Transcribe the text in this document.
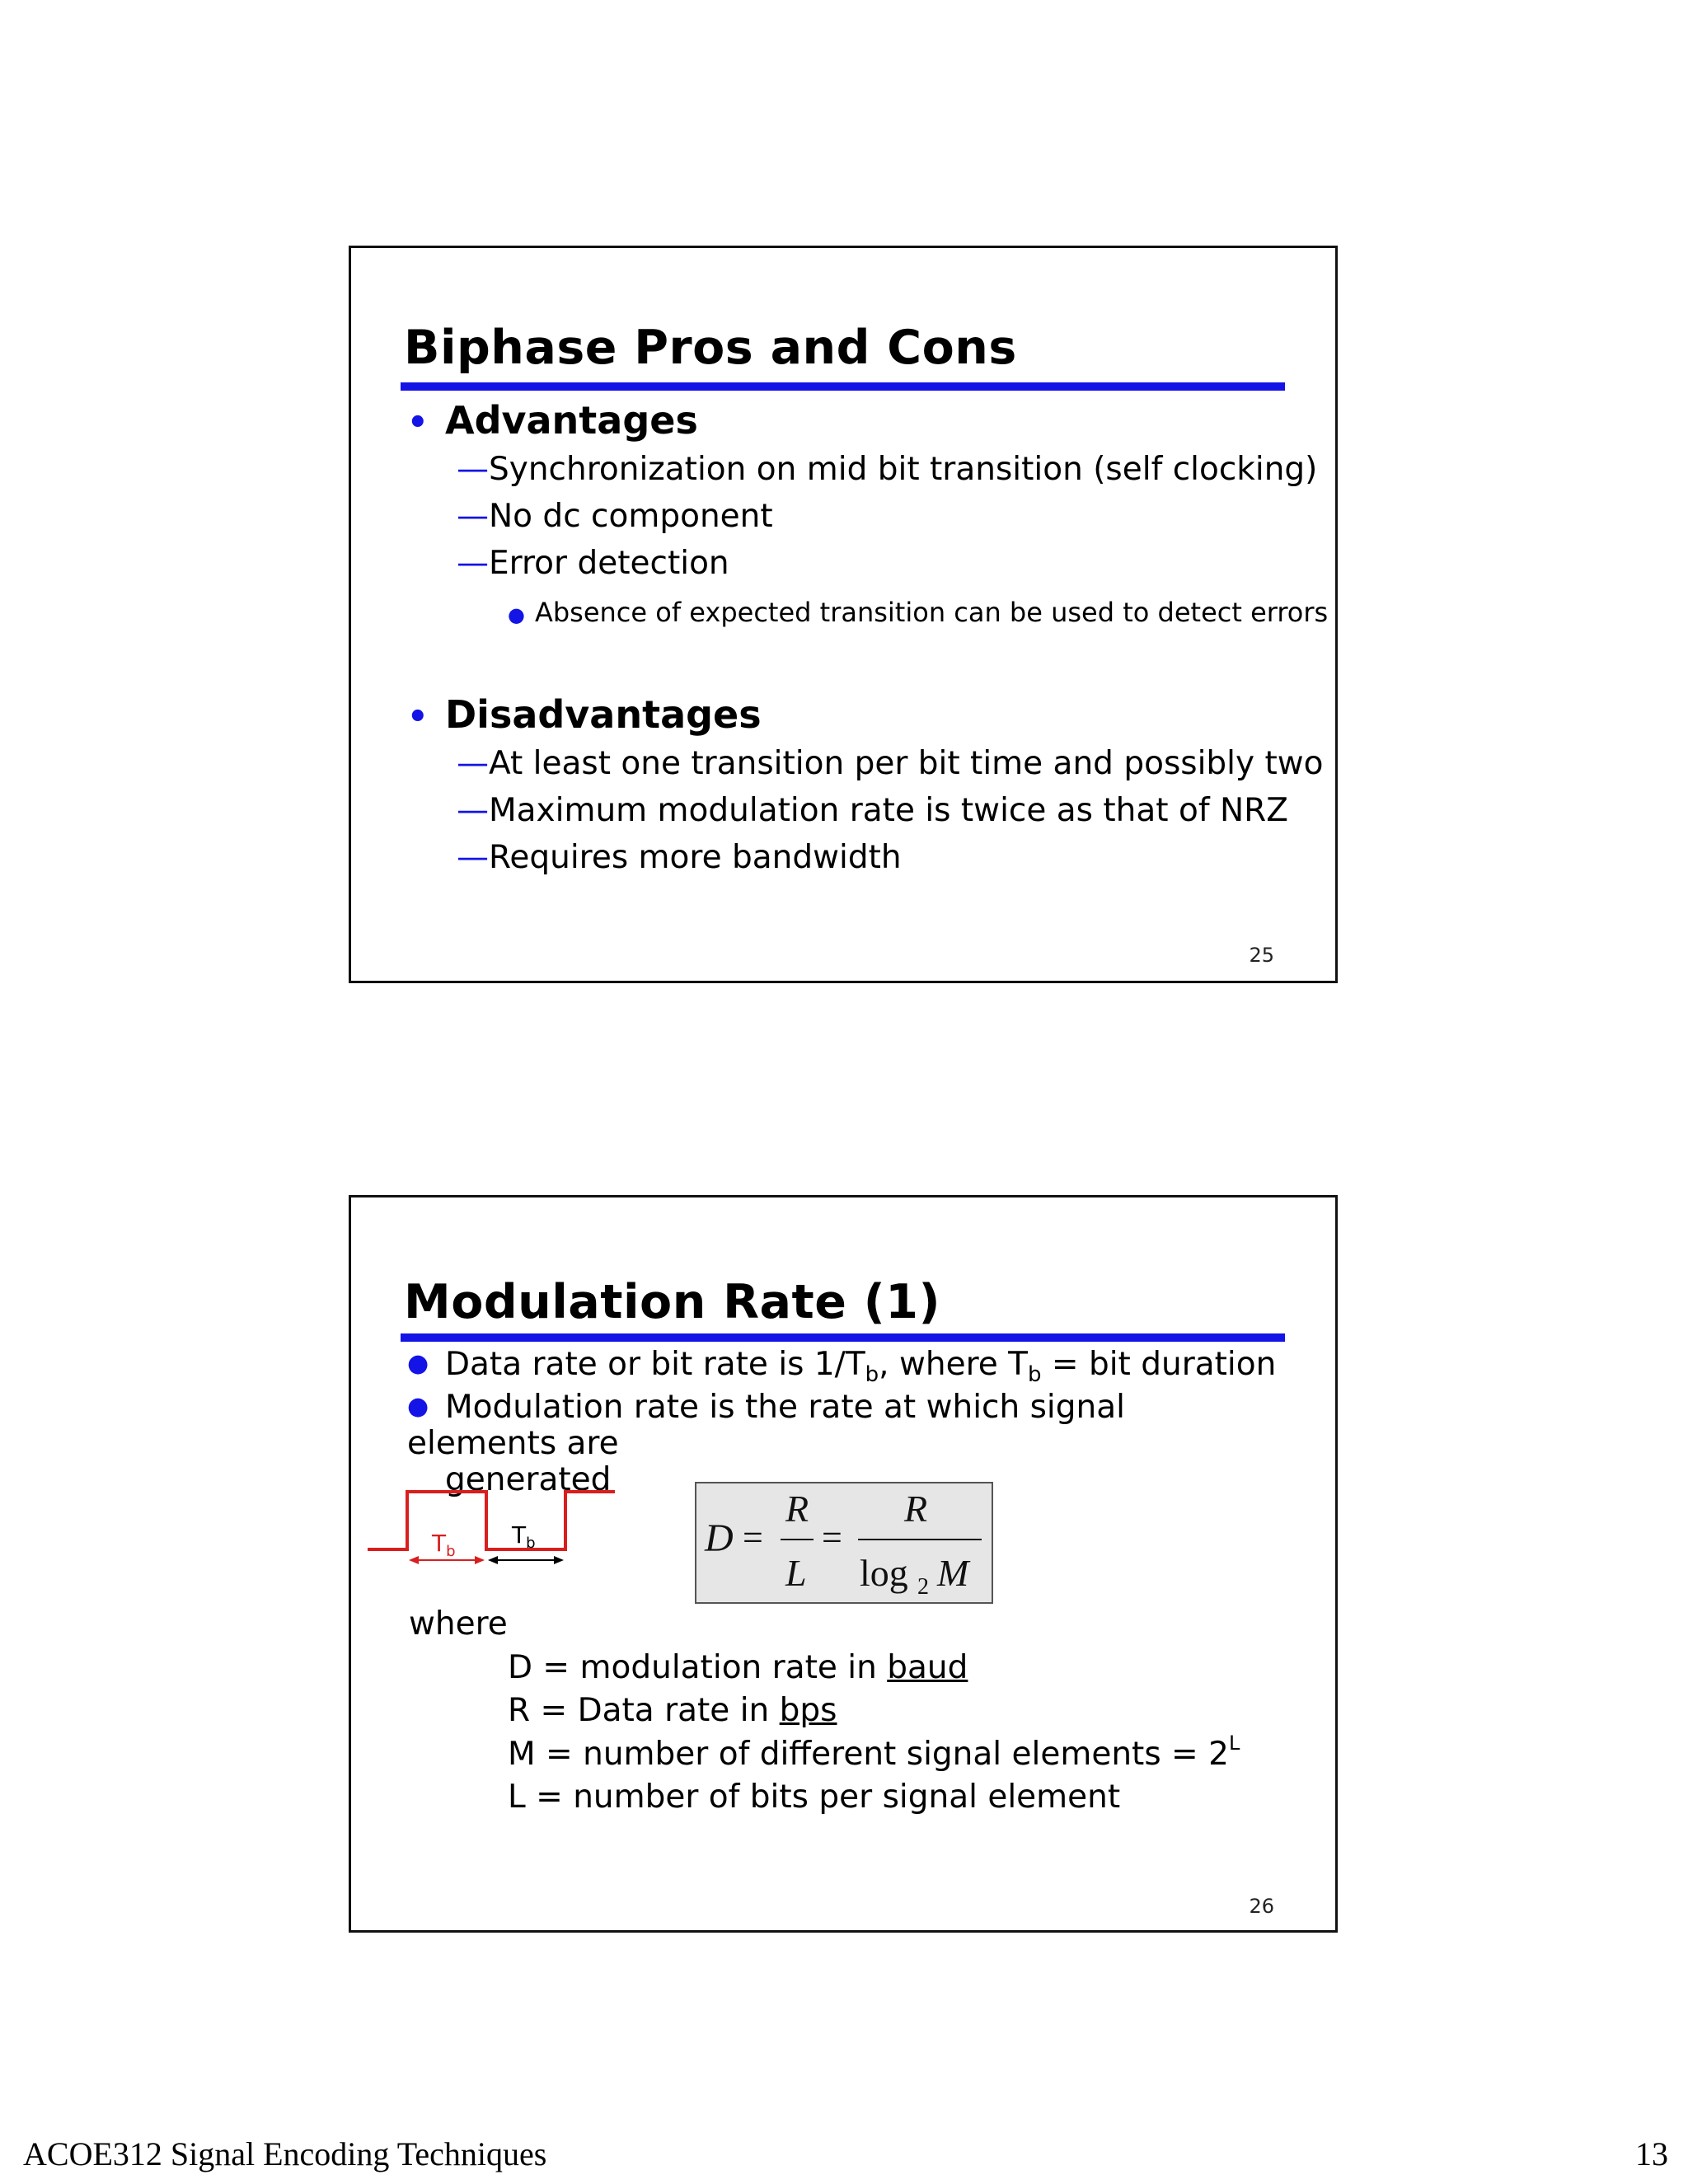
Biphase Pros and Cons
• Advantages
—Synchronization on mid bit transition (self clocking)
—No dc component
—Error detection
● Absence of expected transition can be used to detect errors
• Disadvantages
—At least one transition per bit time and possibly two
—Maximum modulation rate is twice as that of NRZ
—Requires more bandwidth
25
Modulation Rate (1)
● Data rate or bit rate is $1/T_b$, where $T_b$ = bit duration
● Modulation rate is the rate at which signal elements are
generated
$T_b$
$T_b$	D = =
R
L
R
log 2 M
where
D = modulation rate in baud
R = Data rate in bps
M = number of different signal elements = $2^L$
L = number of bits per signal element
26
ACOE312 Signal Encoding Techniques	13
